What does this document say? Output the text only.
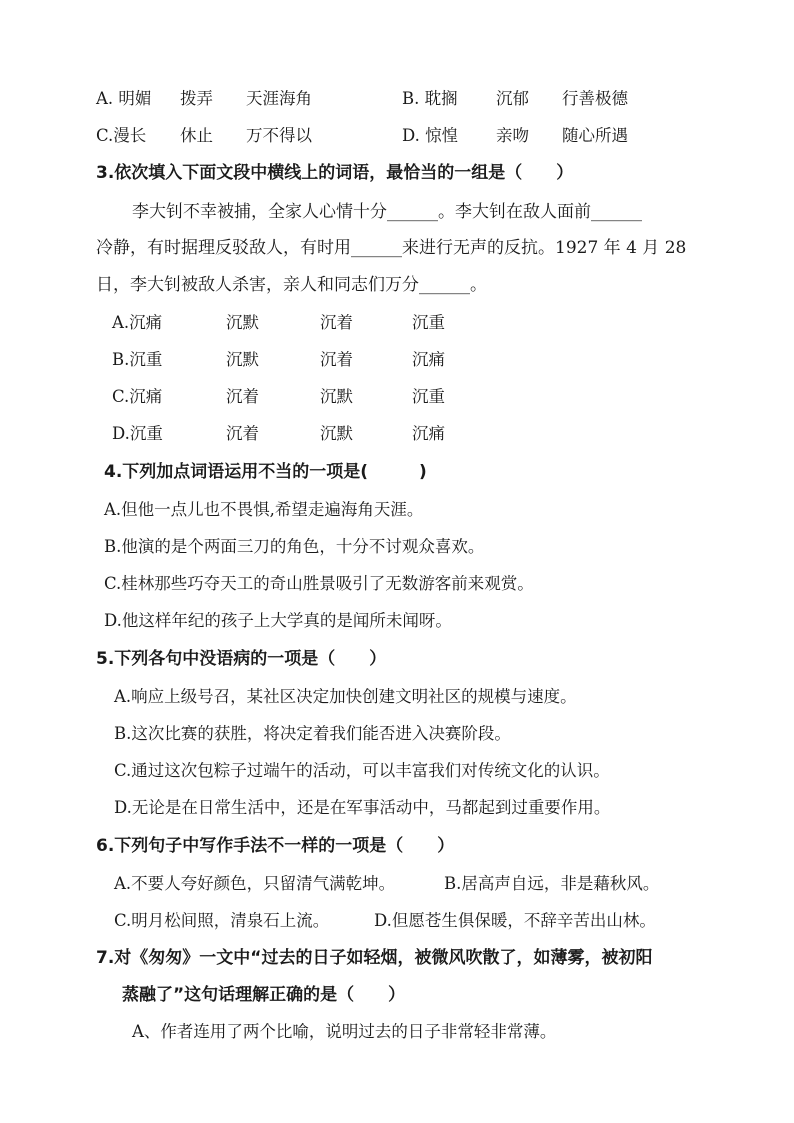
A. 明媚 拨弄 天涯海角	B. 耽搁 沉郁 行善极德
C.漫长 休止 万不得以	D. 惊惶 亲吻 随心所遇
3.依次填入下面文段中横线上的词语，最恰当的一组是（　　）
李大钊不幸被捕，全家人心情十分______。李大钊在敌人面前______
冷静，有时据理反驳敌人，有时用______来进行无声的反抗。1927 年 4 月 28
日，李大钊被敌人杀害，亲人和同志们万分______。
A.沉痛	沉默	沉着	沉重
B.沉重	沉默	沉着	沉痛
C.沉痛	沉着	沉默	沉重
D.沉重	沉着	沉默	沉痛
4.下列加点词语运用不当的一项是(　　　)
A.但他一点儿也不畏惧,希望走遍海角天涯。
B.他演的是个两面三刀的角色，十分不讨观众喜欢。
C.桂林那些巧夺天工的奇山胜景吸引了无数游客前来观赏。
D.他这样年纪的孩子上大学真的是闻所未闻呀。
5.下列各句中没语病的一项是（　　）
A.响应上级号召，某社区决定加快创建文明社区的规模与速度。
B.这次比赛的获胜，将决定着我们能否进入决赛阶段。
C.通过这次包粽子过端午的活动，可以丰富我们对传统文化的认识。
D.无论是在日常生活中，还是在军事活动中，马都起到过重要作用。
6.下列句子中写作手法不一样的一项是（　　）
A.不要人夸好颜色，只留清气满乾坤。	B.居高声自远，非是藉秋风。
C.明月松间照，清泉石上流。	D.但愿苍生俱保暖，不辞辛苦出山林。
7.对《匆匆》一文中“过去的日子如轻烟，被微风吹散了，如薄雾，被初阳
蒸融了”这句话理解正确的是（　　）
A、作者连用了两个比喻，说明过去的日子非常轻非常薄。
